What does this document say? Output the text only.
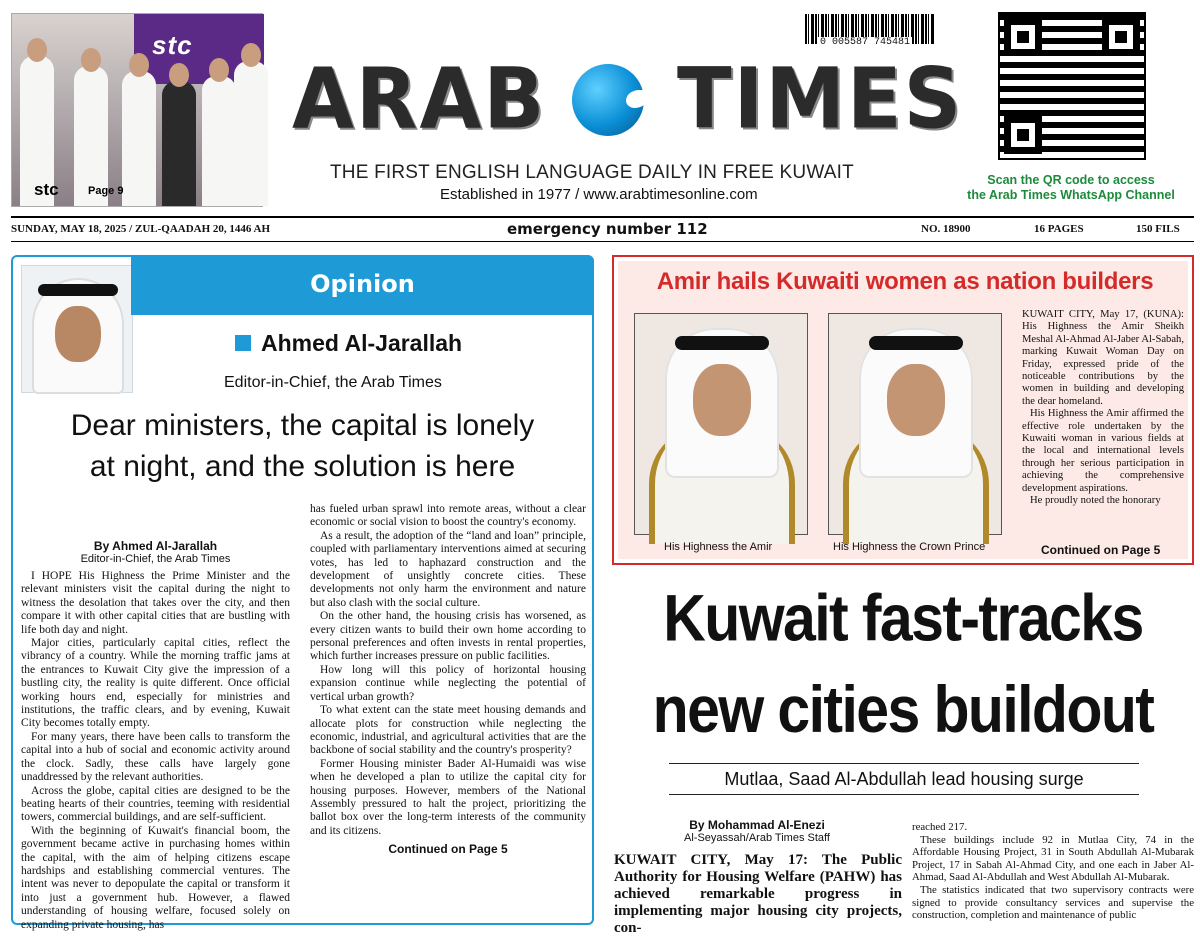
stc
stc	Page 9
0 005587 745481
ARAB TIMES
THE FIRST ENGLISH LANGUAGE DAILY IN FREE KUWAIT
Established in 1977 / www.arabtimesonline.com
Scan the QR code to access
the Arab Times WhatsApp Channel
SUNDAY, MAY 18, 2025 / ZUL-QAADAH 20, 1446 AH	emergency number 112	NO. 18900	16 PAGES	150 FILS
Opinion
Ahmed Al-Jarallah
Editor-in-Chief, the Arab Times
Dear ministers, the capital is lonely
at night, and the solution is here

By Ahmed Al-Jarallah
Editor-in-Chief, the Arab Times

I HOPE His Highness the Prime Minister and the relevant ministers visit the capital during the night to witness the desolation that takes over the city, and then compare it with other capital cities that are bustling with life both day and night.

Major cities, particularly capital cities, reflect the vibrancy of a country. While the morning traffic jams at the entrances to Kuwait City give the impression of a bustling city, the reality is quite different. Once official working hours end, especially for ministries and institutions, the traffic clears, and by evening, Kuwait City becomes totally empty.

For many years, there have been calls to transform the capital into a hub of social and economic activity around the clock. Sadly, these calls have largely gone unaddressed by the relevant authorities.

Across the globe, capital cities are designed to be the beating hearts of their countries, teeming with residential towers, commercial buildings, and are self-sufficient.

With the beginning of Kuwait's financial boom, the government became active in purchasing homes within the capital, with the aim of helping citizens escape hardships and establishing commercial ventures. The intent was never to depopulate the capital or transform it into just a government hub. However, a flawed understanding of housing welfare, focused solely on expanding private housing, has

has fueled urban sprawl into remote areas, without a clear economic or social vision to boost the country's economy.

As a result, the adoption of the “land and loan” principle, coupled with parliamentary interventions aimed at securing votes, has led to haphazard construction and the development of unsightly concrete cities. These developments not only harm the environment and nature but also clash with the social culture.

On the other hand, the housing crisis has worsened, as every citizen wants to build their own home according to personal preferences and often invests in rental properties, which further increases pressure on public facilities.

How long will this policy of horizontal housing expansion continue while neglecting the potential of vertical urban growth?

To what extent can the state meet housing demands and allocate plots for construction while neglecting the economic, industrial, and agricultural activities that are the backbone of social stability and the country's prosperity?

Former Housing minister Bader Al-Humaidi was wise when he developed a plan to utilize the capital city for housing purposes. However, members of the National Assembly pressured to halt the project, prioritizing the ballot box over the long-term interests of the community and its citizens.

Continued on Page 5

Amir hails Kuwaiti women as nation builders
His Highness the Amir	His Highness the Crown Prince

KUWAIT CITY, May 17, (KUNA): His Highness the Amir Sheikh Meshal Al-Ahmad Al-Jaber Al-Sabah, marking Kuwait Woman Day on Friday, expressed pride of the noticeable contributions by the women in building and developing the dear homeland.

His Highness the Amir affirmed the effective role undertaken by the Kuwaiti woman in various fields at the local and international levels through her serious participation in achieving the comprehensive development aspirations.

He proudly noted the honorary

Continued on Page 5
Kuwait fast-tracks
new cities buildout
Mutlaa, Saad Al-Abdullah lead housing surge
By Mohammad Al-Enezi
Al-Seyassah/Arab Times Staff
KUWAIT CITY, May 17: The Public Authority for Housing Welfare (PAHW) has achieved remarkable progress in implementing major housing city projects, con-

reached 217.

These buildings include 92 in Mutlaa City, 74 in the Affordable Housing Project, 31 in South Abdullah Al-Mubarak Project, 17 in Sabah Al-Ahmad City, and one each in Jaber Al-Ahmad, Saad Al-Abdullah and West Abdullah Al-Mubarak.

The statistics indicated that two supervisory contracts were signed to provide consultancy services and supervise the construction, completion and maintenance of public
